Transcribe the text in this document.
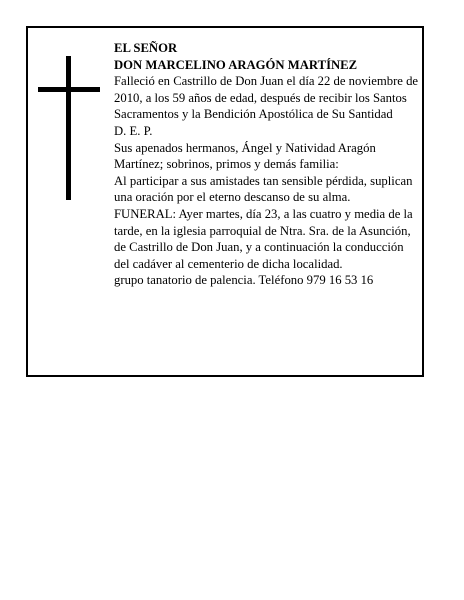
EL SEÑOR

DON MARCELINO ARAGÓN MARTÍNEZ

Falleció en Castrillo de Don Juan el día 22 de noviembre de 2010, a los 59 años de edad, después de recibir los Santos Sacramentos y la Bendición Apostólica de Su Santidad

D. E. P.

Sus apenados hermanos, Ángel y Natividad Aragón Martínez; sobrinos, primos y demás familia:

Al participar a sus amistades tan sensible pérdida, suplican una oración por el eterno descanso de su alma.

FUNERAL: Ayer martes, día 23, a las cuatro y media de la tarde, en la iglesia parroquial de Ntra. Sra. de la Asunción, de Castrillo de Don Juan, y a continuación la conducción del cadáver al cementerio de dicha localidad.

grupo tanatorio de palencia. Teléfono 979 16 53 16
